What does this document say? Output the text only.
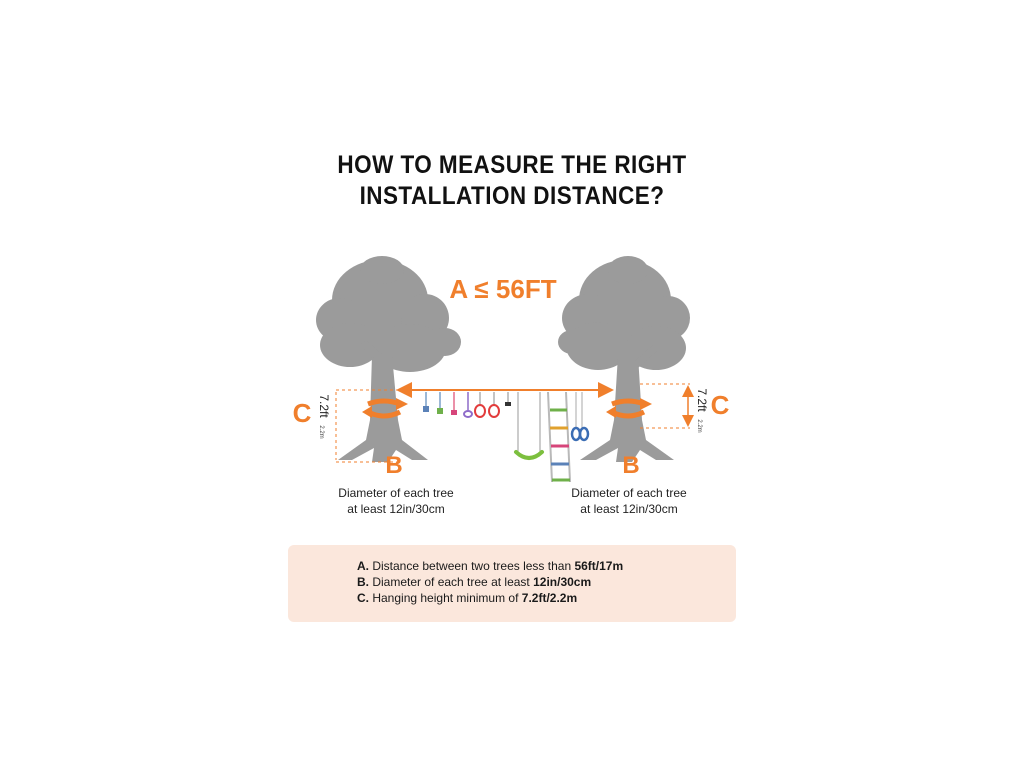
HOW TO MEASURE THE RIGHT
INSTALLATION DISTANCE?
A ≤ 56FT
C	C
7.2ft
2.2m
7.2ft
2.2m
B	B
Diameter of each tree
at least 12in/30cm
Diameter of each tree
at least 12in/30cm
A. Distance between two trees less than 56ft/17m
B. Diameter of each tree at least 12in/30cm
C. Hanging height minimum of 7.2ft/2.2m
